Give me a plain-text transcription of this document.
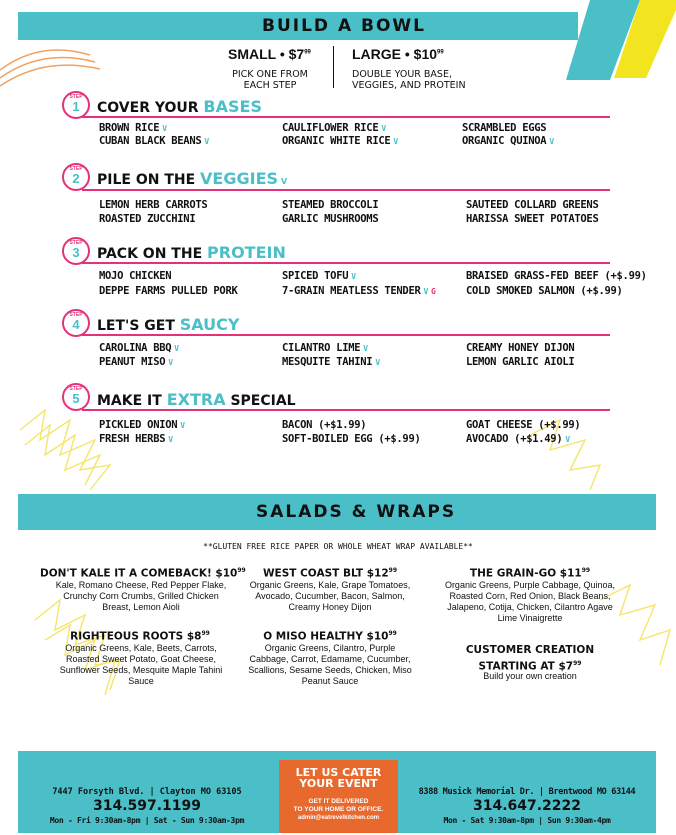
BUILD A BOWL
SMALL • $\$7^{99}$
PICK ONE FROM EACH STEP
LARGE • $\$10^{99}$
DOUBLE YOUR BASE,
VEGGIES, AND PROTEIN
STEP
1	COVER YOUR BASES
BROWN RICE V	CAULIFLOWER RICE V	SCRAMBLED EGGS
CUBAN BLACK BEANS V	ORGANIC WHITE RICE V	ORGANIC QUINOA V
STEP
2	PILE ON THE VEGGIES V
LEMON HERB CARROTS	STEAMED BROCCOLI	SAUTEED COLLARD GREENS
ROASTED ZUCCHINI	GARLIC MUSHROOMS	HARISSA SWEET POTATOES
STEP
3	PACK ON THE PROTEIN
MOJO CHICKEN	SPICED TOFU V	BRAISED GRASS-FED BEEF (+$.99)
DEPPE FARMS PULLED PORK	7-GRAIN MEATLESS TENDER V G	COLD SMOKED SALMON (+$.99)
STEP
4	LET'S GET SAUCY
CAROLINA BBQ V	CILANTRO LIME V	CREAMY HONEY DIJON
PEANUT MISO V	MESQUITE TAHINI V	LEMON GARLIC AIOLI
STEP
5	MAKE IT EXTRA SPECIAL
PICKLED ONION V	BACON (+$1.99)	GOAT CHEESE (+$.99)
FRESH HERBS V	SOFT-BOILED EGG (+$.99)	AVOCADO (+$1.49) V
SALADS & WRAPS
**GLUTEN FREE RICE PAPER OR WHOLE WHEAT WRAP AVAILABLE**
DON'T KALE IT A COMEBACK! $\$10^{99}$
Kale, Romano Cheese, Red Pepper Flake, Crunchy Corn Crumbs, Grilled Chicken Breast, Lemon Aioli
WEST COAST BLT $\$12^{99}$
Organic Greens, Kale, Grape Tomatoes, Avocado, Cucumber, Bacon, Salmon, Creamy Honey Dijon
THE GRAIN-GO $\$11^{99}$
Organic Greens, Purple Cabbage, Quinoa, Roasted Corn, Red Onion, Black Beans, Jalapeno, Cotija, Chicken, Cilantro Agave Lime Vinaigrette
RIGHTEOUS ROOTS $\$8^{99}$
Organic Greens, Kale, Beets, Carrots, Roasted Sweet Potato, Goat Cheese, Sunflower Seeds, Mesquite Maple Tahini Sauce
O MISO HEALTHY $\$10^{99}$
Organic Greens, Cilantro, Purple Cabbage, Carrot, Edamame, Cucumber, Scallions, Sesame Seeds, Chicken, Miso Peanut Sauce
CUSTOMER CREATION
STARTING AT $\$7^{99}$
Build your own creation
7447 Forsyth Blvd. | Clayton MO 63105
314.597.1199
Mon - Fri 9:30am-8pm | Sat - Sun 9:30am-3pm
LET US CATER
YOUR EVENT
GET IT DELIVERED
TO YOUR HOME OR OFFICE.
admin@eatrevelkitchen.com
8388 Musick Memorial Dr. | Brentwood MO 63144
314.647.2222
Mon - Sat 9:30am-8pm | Sun 9:30am-4pm
